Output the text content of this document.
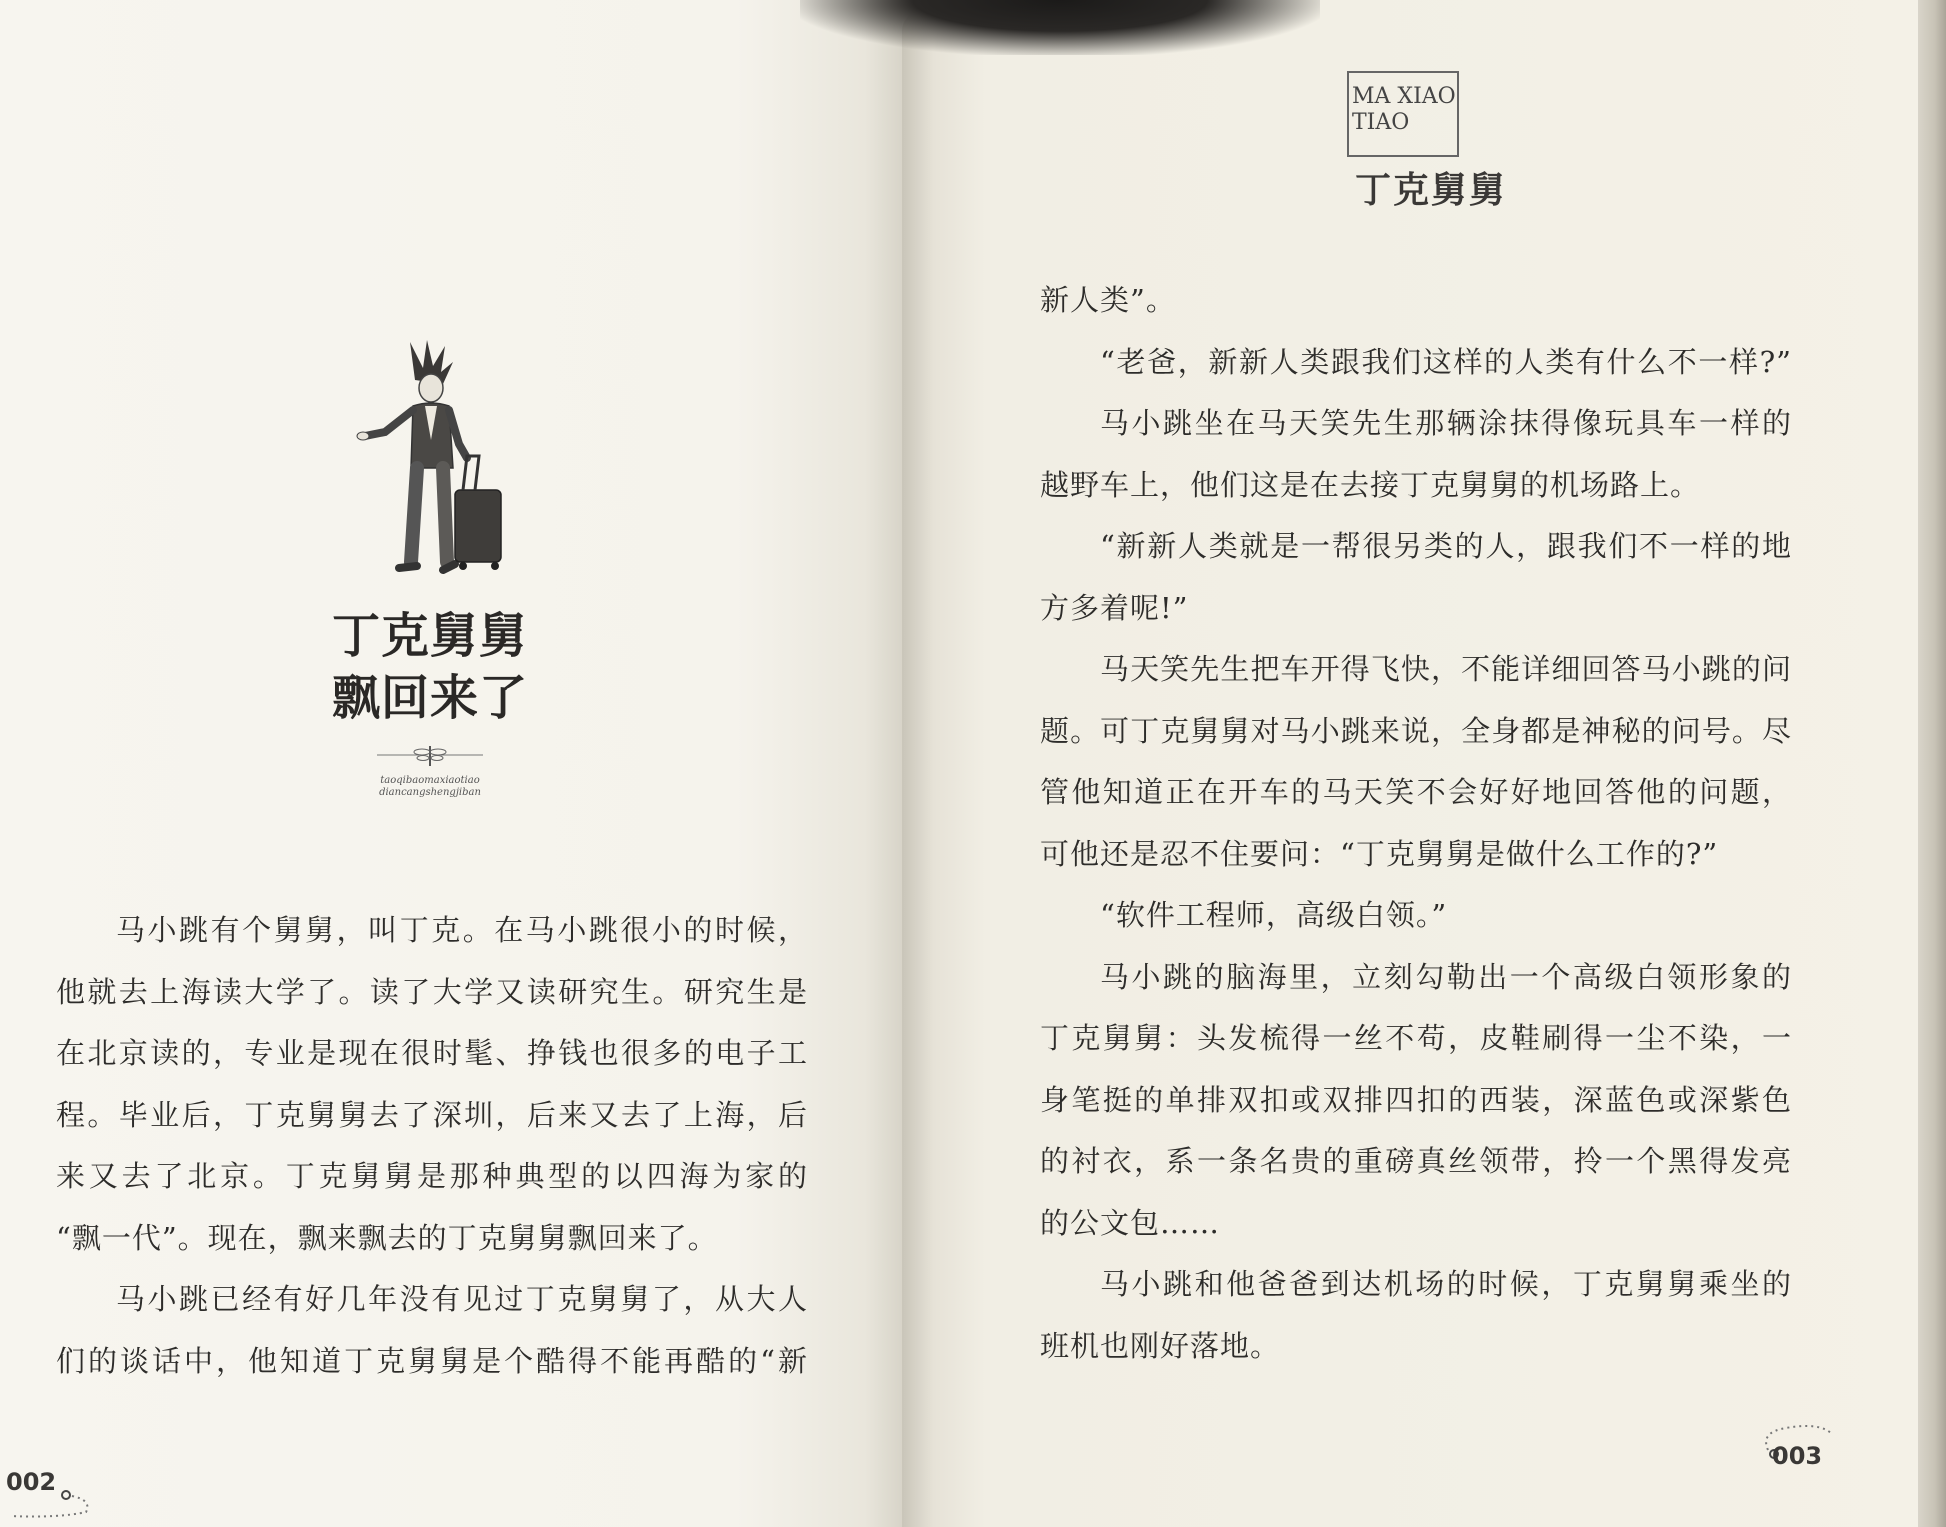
丁克舅舅
飘回来了
taoqibaomaxiaotiao
diancangshengjiban
马小跳有个舅舅，叫丁克。在马小跳很小的时候，
他就去上海读大学了。读了大学又读研究生。研究生是
在北京读的，专业是现在很时髦、挣钱也很多的电子工
程。毕业后，丁克舅舅去了深圳，后来又去了上海，后
来又去了北京。丁克舅舅是那种典型的以四海为家的
“飘一代”。现在，飘来飘去的丁克舅舅飘回来了。
马小跳已经有好几年没有见过丁克舅舅了，从大人
们的谈话中，他知道丁克舅舅是个酷得不能再酷的“新
002
MA XIAO TIAO
丁克舅舅
新人类”。
“老爸，新新人类跟我们这样的人类有什么不一样?”
马小跳坐在马天笑先生那辆涂抹得像玩具车一样的
越野车上，他们这是在去接丁克舅舅的机场路上。
“新新人类就是一帮很另类的人，跟我们不一样的地
方多着呢!”
马天笑先生把车开得飞快，不能详细回答马小跳的问
题。可丁克舅舅对马小跳来说，全身都是神秘的问号。尽
管他知道正在开车的马天笑不会好好地回答他的问题，
可他还是忍不住要问：“丁克舅舅是做什么工作的?”
“软件工程师，高级白领。”
马小跳的脑海里，立刻勾勒出一个高级白领形象的
丁克舅舅：头发梳得一丝不苟，皮鞋刷得一尘不染，一
身笔挺的单排双扣或双排四扣的西装，深蓝色或深紫色
的衬衣，系一条名贵的重磅真丝领带，拎一个黑得发亮
的公文包……
马小跳和他爸爸到达机场的时候，丁克舅舅乘坐的
班机也刚好落地。
003
